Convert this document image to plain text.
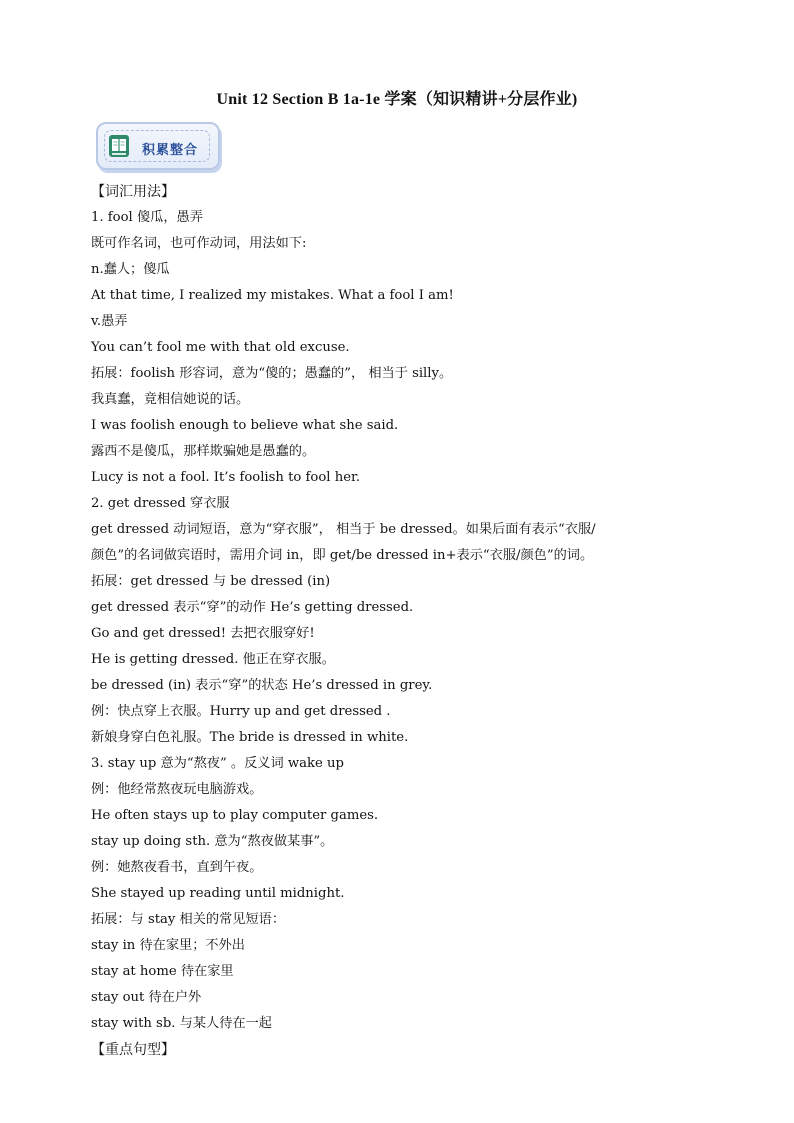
Unit 12 Section B 1a-1e 学案（知识精讲+分层作业)
积累整合
【词汇用法】
1. fool 傻瓜，愚弄
既可作名词，也可作动词，用法如下:
n.蠢人；傻瓜
At that time, I realized my mistakes. What a fool I am!
v.愚弄
You can’t fool me with that old excuse.
拓展：foolish 形容词，意为“傻的；愚蠢的”， 相当于 silly。
我真蠢，竟相信她说的话。
I was foolish enough to believe what she said.
露西不是傻瓜，那样欺骗她是愚蠢的。
Lucy is not a fool. It’s foolish to fool her.
2. get dressed 穿衣服
get dressed 动词短语，意为“穿衣服”， 相当于 be dressed。如果后面有表示“衣服/
颜色”的名词做宾语时，需用介词 in，即 get/be dressed in+表示“衣服/颜色”的词。
拓展：get dressed 与 be dressed (in)
get dressed 表示“穿”的动作 He’s getting dressed.
Go and get dressed! 去把衣服穿好!
He is getting dressed. 他正在穿衣服。
be dressed (in) 表示“穿”的状态 He’s dressed in grey.
例：快点穿上衣服。Hurry up and get dressed .
新娘身穿白色礼服。The bride is dressed in white.
3. stay up 意为“熬夜” 。反义词 wake up
例：他经常熬夜玩电脑游戏。
He often stays up to play computer games.
stay up doing sth. 意为“熬夜做某事”。
例：她熬夜看书，直到午夜。
She stayed up reading until midnight.
拓展：与 stay 相关的常见短语：
stay in 待在家里；不外出
stay at home 待在家里
stay out 待在户外
stay with sb. 与某人待在一起
【重点句型】
